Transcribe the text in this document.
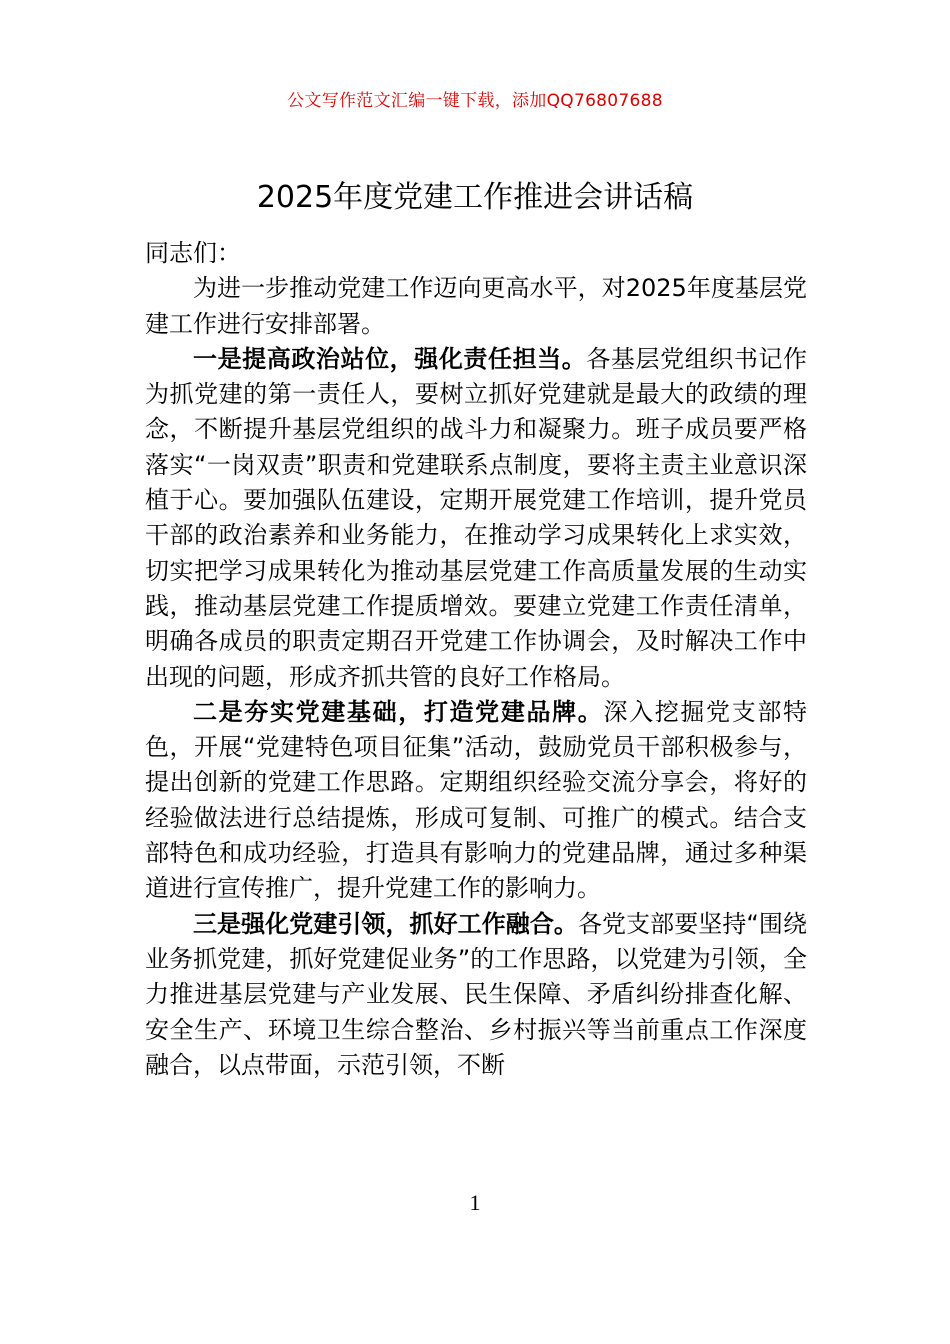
公文写作范文汇编一键下载，添加QQ76807688
2025年度党建工作推进会讲话稿

同志们：

为进一步推动党建工作迈向更高水平，对2025年度基层党建工作进行安排部署。

一是提高政治站位，强化责任担当。各基层党组织书记作为抓党建的第一责任人，要树立抓好党建就是最大的政绩的理念，不断提升基层党组织的战斗力和凝聚力。班子成员要严格落实“一岗双责”职责和党建联系点制度，要将主责主业意识深植于心。要加强队伍建设，定期开展党建工作培训，提升党员干部的政治素养和业务能力，在推动学习成果转化上求实效，切实把学习成果转化为推动基层党建工作高质量发展的生动实践，推动基层党建工作提质增效。要建立党建工作责任清单，明确各成员的职责定期召开党建工作协调会，及时解决工作中出现的问题，形成齐抓共管的良好工作格局。

二是夯实党建基础，打造党建品牌。深入挖掘党支部特色，开展“党建特色项目征集”活动，鼓励党员干部积极参与，提出创新的党建工作思路。定期组织经验交流分享会，将好的经验做法进行总结提炼，形成可复制、可推广的模式。结合支部特色和成功经验，打造具有影响力的党建品牌，通过多种渠道进行宣传推广，提升党建工作的影响力。

三是强化党建引领，抓好工作融合。各党支部要坚持“围绕业务抓党建，抓好党建促业务”的工作思路，以党建为引领，全力推进基层党建与产业发展、民生保障、矛盾纠纷排查化解、安全生产、环境卫生综合整治、乡村振兴等当前重点工作深度融合，以点带面，示范引领，不断

1
